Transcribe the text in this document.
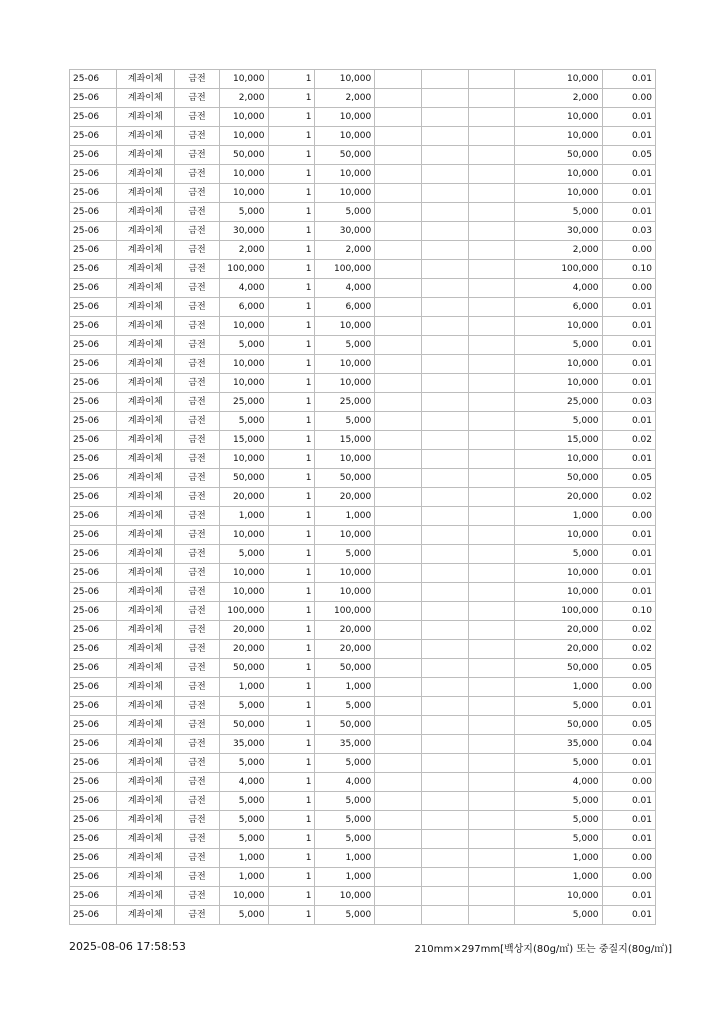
25-06	계좌이체	금전	10,000	1	10,000				10,000	0.01
25-06	계좌이체	금전	2,000	1	2,000				2,000	0.00
25-06	계좌이체	금전	10,000	1	10,000				10,000	0.01
25-06	계좌이체	금전	10,000	1	10,000				10,000	0.01
25-06	계좌이체	금전	50,000	1	50,000				50,000	0.05
25-06	계좌이체	금전	10,000	1	10,000				10,000	0.01
25-06	계좌이체	금전	10,000	1	10,000				10,000	0.01
25-06	계좌이체	금전	5,000	1	5,000				5,000	0.01
25-06	계좌이체	금전	30,000	1	30,000				30,000	0.03
25-06	계좌이체	금전	2,000	1	2,000				2,000	0.00
25-06	계좌이체	금전	100,000	1	100,000				100,000	0.10
25-06	계좌이체	금전	4,000	1	4,000				4,000	0.00
25-06	계좌이체	금전	6,000	1	6,000				6,000	0.01
25-06	계좌이체	금전	10,000	1	10,000				10,000	0.01
25-06	계좌이체	금전	5,000	1	5,000				5,000	0.01
25-06	계좌이체	금전	10,000	1	10,000				10,000	0.01
25-06	계좌이체	금전	10,000	1	10,000				10,000	0.01
25-06	계좌이체	금전	25,000	1	25,000				25,000	0.03
25-06	계좌이체	금전	5,000	1	5,000				5,000	0.01
25-06	계좌이체	금전	15,000	1	15,000				15,000	0.02
25-06	계좌이체	금전	10,000	1	10,000				10,000	0.01
25-06	계좌이체	금전	50,000	1	50,000				50,000	0.05
25-06	계좌이체	금전	20,000	1	20,000				20,000	0.02
25-06	계좌이체	금전	1,000	1	1,000				1,000	0.00
25-06	계좌이체	금전	10,000	1	10,000				10,000	0.01
25-06	계좌이체	금전	5,000	1	5,000				5,000	0.01
25-06	계좌이체	금전	10,000	1	10,000				10,000	0.01
25-06	계좌이체	금전	10,000	1	10,000				10,000	0.01
25-06	계좌이체	금전	100,000	1	100,000				100,000	0.10
25-06	계좌이체	금전	20,000	1	20,000				20,000	0.02
25-06	계좌이체	금전	20,000	1	20,000				20,000	0.02
25-06	계좌이체	금전	50,000	1	50,000				50,000	0.05
25-06	계좌이체	금전	1,000	1	1,000				1,000	0.00
25-06	계좌이체	금전	5,000	1	5,000				5,000	0.01
25-06	계좌이체	금전	50,000	1	50,000				50,000	0.05
25-06	계좌이체	금전	35,000	1	35,000				35,000	0.04
25-06	계좌이체	금전	5,000	1	5,000				5,000	0.01
25-06	계좌이체	금전	4,000	1	4,000				4,000	0.00
25-06	계좌이체	금전	5,000	1	5,000				5,000	0.01
25-06	계좌이체	금전	5,000	1	5,000				5,000	0.01
25-06	계좌이체	금전	5,000	1	5,000				5,000	0.01
25-06	계좌이체	금전	1,000	1	1,000				1,000	0.00
25-06	계좌이체	금전	1,000	1	1,000				1,000	0.00
25-06	계좌이체	금전	10,000	1	10,000				10,000	0.01
25-06	계좌이체	금전	5,000	1	5,000				5,000	0.01
2025-08-06 17:58:53	210mm×297mm[백상지(80g/㎡) 또는 중질지(80g/㎡)]
